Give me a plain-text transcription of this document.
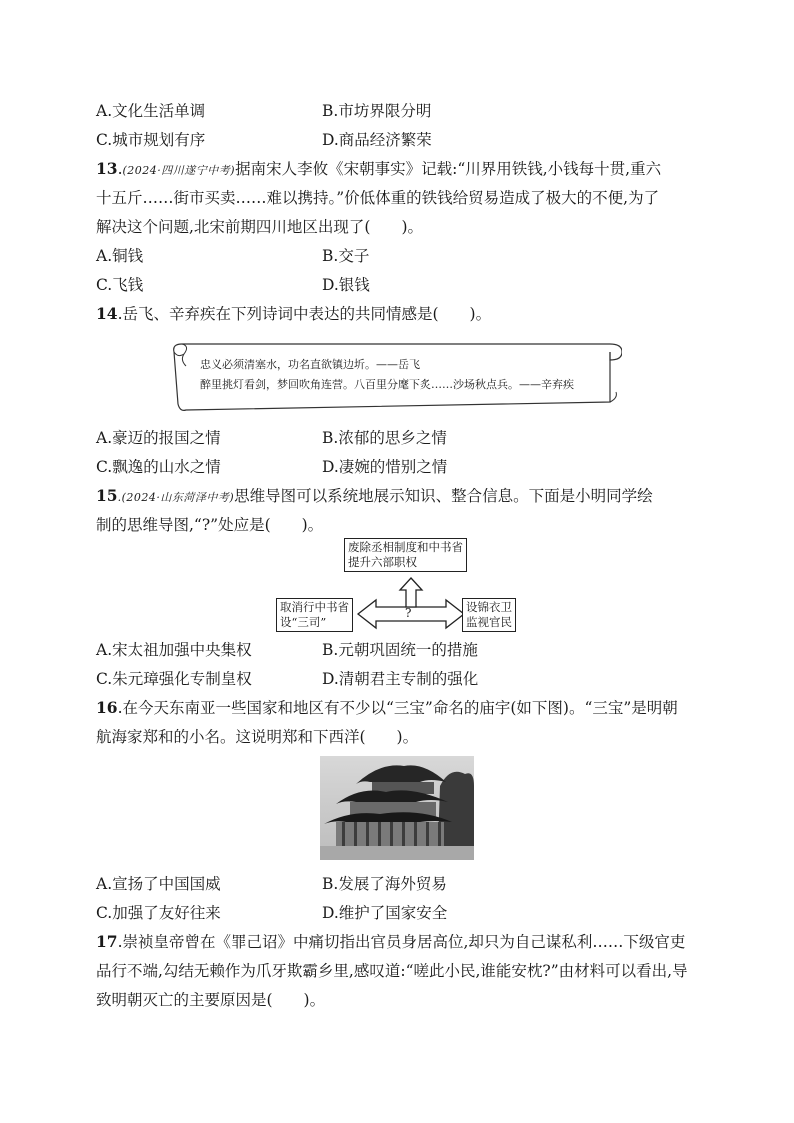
A.文化生活单调	B.市坊界限分明
C.城市规划有序	D.商品经济繁荣
13.(2024·四川遂宁中考)据南宋人李攸《宋朝事实》记载:“川界用铁钱,小钱每十贯,重六
十五斤……街市买卖……难以携持。”价低体重的铁钱给贸易造成了极大的不便,为了
解决这个问题,北宋前期四川地区出现了(　　)。
A.铜钱	B.交子
C.飞钱	D.银钱
14.岳飞、辛弃疾在下列诗词中表达的共同情感是(　　)。
忠义必须清塞水，功名直欲镇边圻。——岳飞
醉里挑灯看剑，梦回吹角连营。八百里分麾下炙……沙场秋点兵。——辛弃疾
A.豪迈的报国之情	B.浓郁的思乡之情
C.飘逸的山水之情	D.凄婉的惜别之情
15.(2024·山东菏泽中考)思维导图可以系统地展示知识、整合信息。下面是小明同学绘
制的思维导图,“?”处应是(　　)。
废除丞相制度和中书省
提升六部职权
取消行中书省
设“三司”
设锦衣卫
监视官民
?
A.宋太祖加强中央集权	B.元朝巩固统一的措施
C.朱元璋强化专制皇权	D.清朝君主专制的强化
16.在今天东南亚一些国家和地区有不少以“三宝”命名的庙宇(如下图)。“三宝”是明朝
航海家郑和的小名。这说明郑和下西洋(　　)。
A.宣扬了中国国威	B.发展了海外贸易
C.加强了友好往来	D.维护了国家安全
17.崇祯皇帝曾在《罪己诏》中痛切指出官员身居高位,却只为自己谋私利……下级官吏
品行不端,勾结无赖作为爪牙欺霸乡里,感叹道:“嗟此小民,谁能安枕?”由材料可以看出,导
致明朝灭亡的主要原因是(　　)。
